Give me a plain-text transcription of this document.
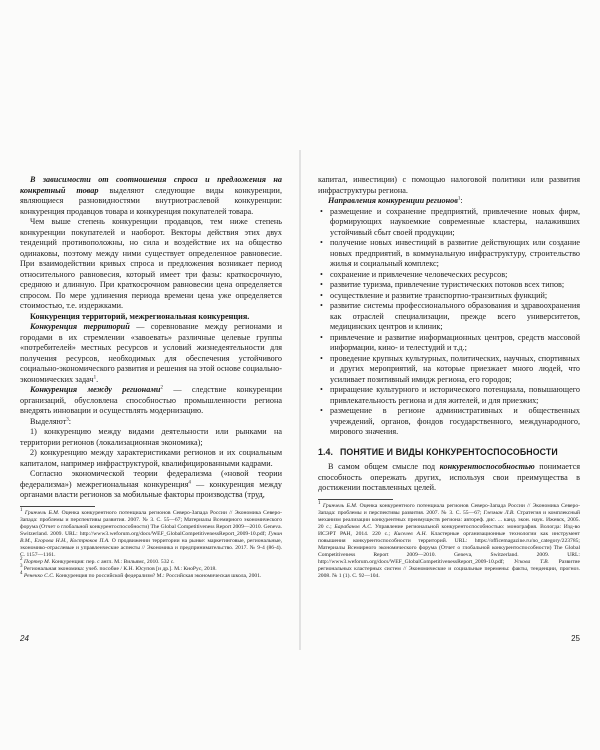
В зависимости от соотношения спроса и предложения на конкретный товар выделяют следующие виды конкуренции, являющиеся разновидностями внутриотраслевой конкуренции: конкуренция продавцов товара и конкуренция покупателей товара.

Чем выше степень конкуренции продавцов, тем ниже степень конкуренции покупателей и наоборот. Векторы действия этих двух тенденций противоположны, но сила и воздействие их на общество одинаковы, поэтому между ними существует определенное равновесие. При взаимодействии кривых спроса и предложения возникает период относительного равновесия, который имеет три фазы: краткосрочную, среднюю и длинную. При краткосрочном равновесии цена определяется спросом. По мере удлинения периода времени цена уже определяется стоимостью, т.е. издержками.

Конкуренция территорий, межрегиональная конкуренция.

Конкуренция территорий — соревнование между регионами и городами в их стремлении «завоевать» различные целевые группы «потребителей» местных ресурсов и условий жизнедеятельности для получения ресурсов, необходимых для обеспечения устойчивого социально-экономического развития и решения на этой основе социально-экономических задач$^1$.

Конкуренция между регионами$^2$ — следствие конкуренции организаций, обусловлена способностью промышленности региона внедрять инновации и осуществлять модернизацию.

Выделяют$^3$:

1) конкуренцию между видами деятельности или рынками на территории регионов (локализационная экономика);

2) конкуренцию между характеристиками регионов и их социальным капиталом, например инфраструктурой, квалифицированными кадрами.

Согласно экономической теории федерализма («новой теории федерализма») межрегиональная конкуренция$^4$ — конкуренция между органами власти регионов за мобильные факторы производства (труд,

$^1$ Гринчель Б.М. Оценка конкурентного потенциала регионов Северо-Запада России // Экономика Северо-Запада: проблемы и перспективы развития. 2007. № 3. С. 55—67; Материалы Всемирного экономического форума (Отчет о глобальной конкурентоспособности) The Global Competitiveness Report 2009—2010. Geneva. Switzerland. 2009. URL: http://www3.weforum.org/docs/WEF_GlobalCompetitivenessReport_2009-10.pdf; Гунин В.М., Егорова Н.Н., Кострюков П.А. О продвижении территории на рынке: маркетинговые, региональные, экономико-отраслевые и управленческие аспекты // Экономика и предпринимательство. 2017. № 9-4 (86-4). С. 1157—1161.

$^2$ Портер М. Конкуренция: пер. с англ. М.: Вильямс, 2010. 532 с.

$^3$ Региональная экономика: учеб. пособие / К.Н. Юсупов [и др.]. М.: КноРус, 2018.

$^4$ Ренекко С.С. Конкуренция по российской федерализм? М.: Российская экономическая школа, 2001.

24

капитал, инвестиции) с помощью налоговой политики или развития инфраструктуры региона.

Направления конкуренции регионов$^1$:

• размещение и сохранение предприятий, привлечение новых фирм, формирующих наукоемкие современные кластеры, налаживших устойчивый сбыт своей продукции;
• получение новых инвестиций в развитие действующих или создание новых предприятий, в коммунальную инфраструктуру, строительство жилья и социальный комплекс;
• сохранение и привлечение человеческих ресурсов;
• развитие туризма, привлечение туристических потоков всех типов;
• осуществление и развитие транспортно-транзитных функций;
• развитие системы профессионального образования и здравоохранения как отраслей специализации, прежде всего университетов, медицинских центров и клиник;
• привлечение и развитие информационных центров, средств массовой информации, кино- и телестудий и т.д.;
• проведение крупных культурных, политических, научных, спортивных и других мероприятий, на которые приезжает много людей, что усиливает позитивный имидж региона, его городов;
• приращение культурного и исторического потенциала, повышающего привлекательность региона и для жителей, и для приезжих;
• размещение в регионе административных и общественных учреждений, органов, фондов государственного, международного, мирового значения.
1.4. ПОНЯТИЕ И ВИДЫ КОНКУРЕНТОСПОСОБНОСТИ

В самом общем смысле под конкурентоспособностью понимается способность опережать других, используя свои преимущества в достижении поставленных целей.

$^1$ Гринчель Б.М. Оценка конкурентного потенциала регионов Северо-Запада России // Экономика Северо-Запада: проблемы и перспективы развития. 2007. № 3. С. 55—67; Глезман Л.В. Стратегия и комплексный механизм реализации конкурентных преимуществ региона: автореф. дис. ... канд. экон. наук. Ижевск, 2005. 20 с.; Барабанов А.С. Управление региональной конкурентоспособностью: монография. Вологда: Изд-во ИСЭРТ РАН, 2014. 220 с.; Киселев А.Н. Кластерные организационные технологии как инструмент повышения конкурентоспособности территорий. URL: https://officemagazine.ru/no_category/223785; Материалы Всемирного экономического форума (Отчет о глобальной конкурентоспособности) The Global Competitiveness Report 2009—2010. Geneva, Switzerland. 2009. URL: http://www3.weforum.org/docs/WEF_GlobalCompetitivenessReport_2009-10.pdf; Ускова Т.В. Развитие региональных кластерных систем // Экономические и социальные перемены: факты, тенденции, прогноз. 2008. № 1 (1). С. 92—104.

25
